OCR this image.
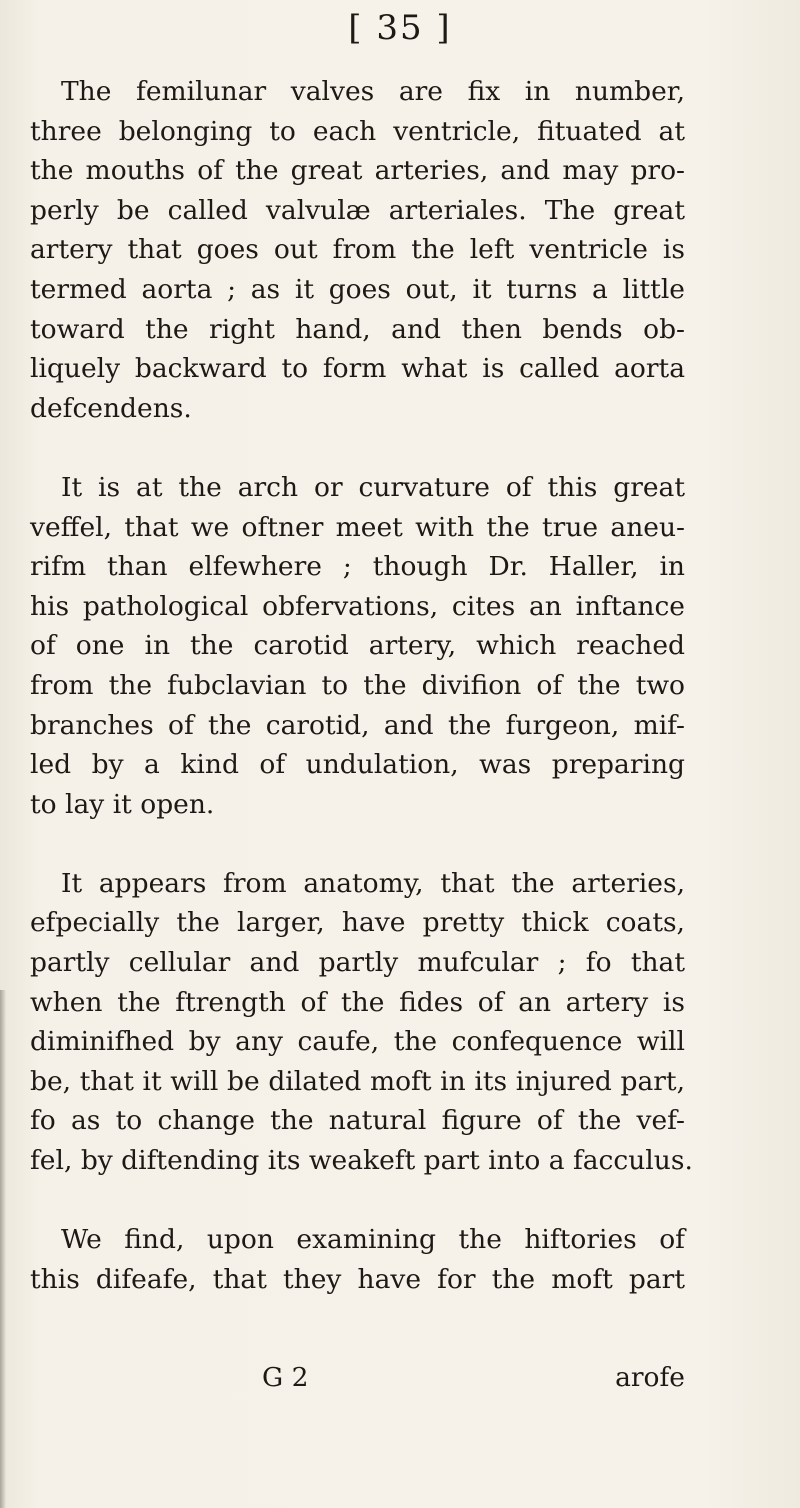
[ 35 ]
The femilunar valves are fix in number,
three belonging to each ventricle, fituated at
the mouths of the great arteries, and may pro-
perly be called valvulæ arteriales. The great
artery that goes out from the left ventricle is
termed aorta ; as it goes out, it turns a little
toward the right hand, and then bends ob-
liquely backward to form what is called aorta
defcendens.
It is at the arch or curvature of this great
veffel, that we oftner meet with the true aneu-
rifm than elfewhere ; though Dr. Haller, in
his pathological obfervations, cites an inftance
of one in the carotid artery, which reached
from the fubclavian to the divifion of the two
branches of the carotid, and the furgeon, mif-
led by a kind of undulation, was preparing
to lay it open.
It appears from anatomy, that the arteries,
efpecially the larger, have pretty thick coats,
partly cellular and partly mufcular ; fo that
when the ftrength of the fides of an artery is
diminifhed by any caufe, the confequence will
be, that it will be dilated moft in its injured part,
fo as to change the natural figure of the vef-
fel, by diftending its weakeft part into a facculus.
We find, upon examining the hiftories of
this difeafe, that they have for the moft part
G 2	arofe
